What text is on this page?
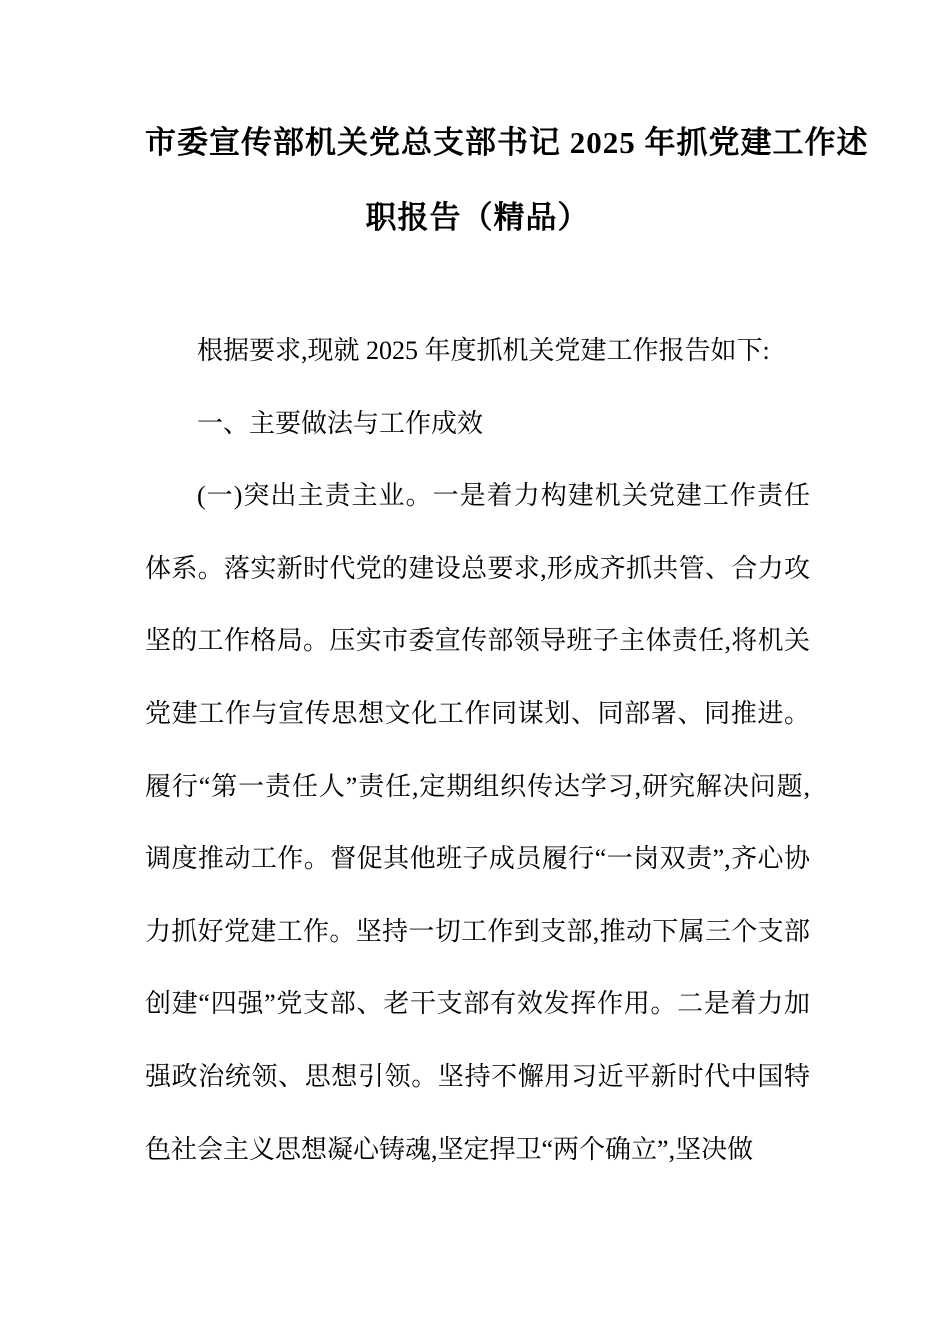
市委宣传部机关党总支部书记 2025 年抓党建工作述
职报告（精品）

根据要求,现就 2025 年度抓机关党建工作报告如下:

一、主要做法与工作成效

(一)突出主责主业。一是着力构建机关党建工作责任体系。落实新时代党的建设总要求,形成齐抓共管、合力攻坚的工作格局。压实市委宣传部领导班子主体责任,将机关党建工作与宣传思想文化工作同谋划、同部署、同推进。履行“第一责任人”责任,定期组织传达学习,研究解决问题,调度推动工作。督促其他班子成员履行“一岗双责”,齐心协力抓好党建工作。坚持一切工作到支部,推动下属三个支部创建“四强”党支部、老干支部有效发挥作用。二是着力加强政治统领、思想引领。坚持不懈用习近平新时代中国特色社会主义思想凝心铸魂,坚定捍卫“两个确立”,坚决做
